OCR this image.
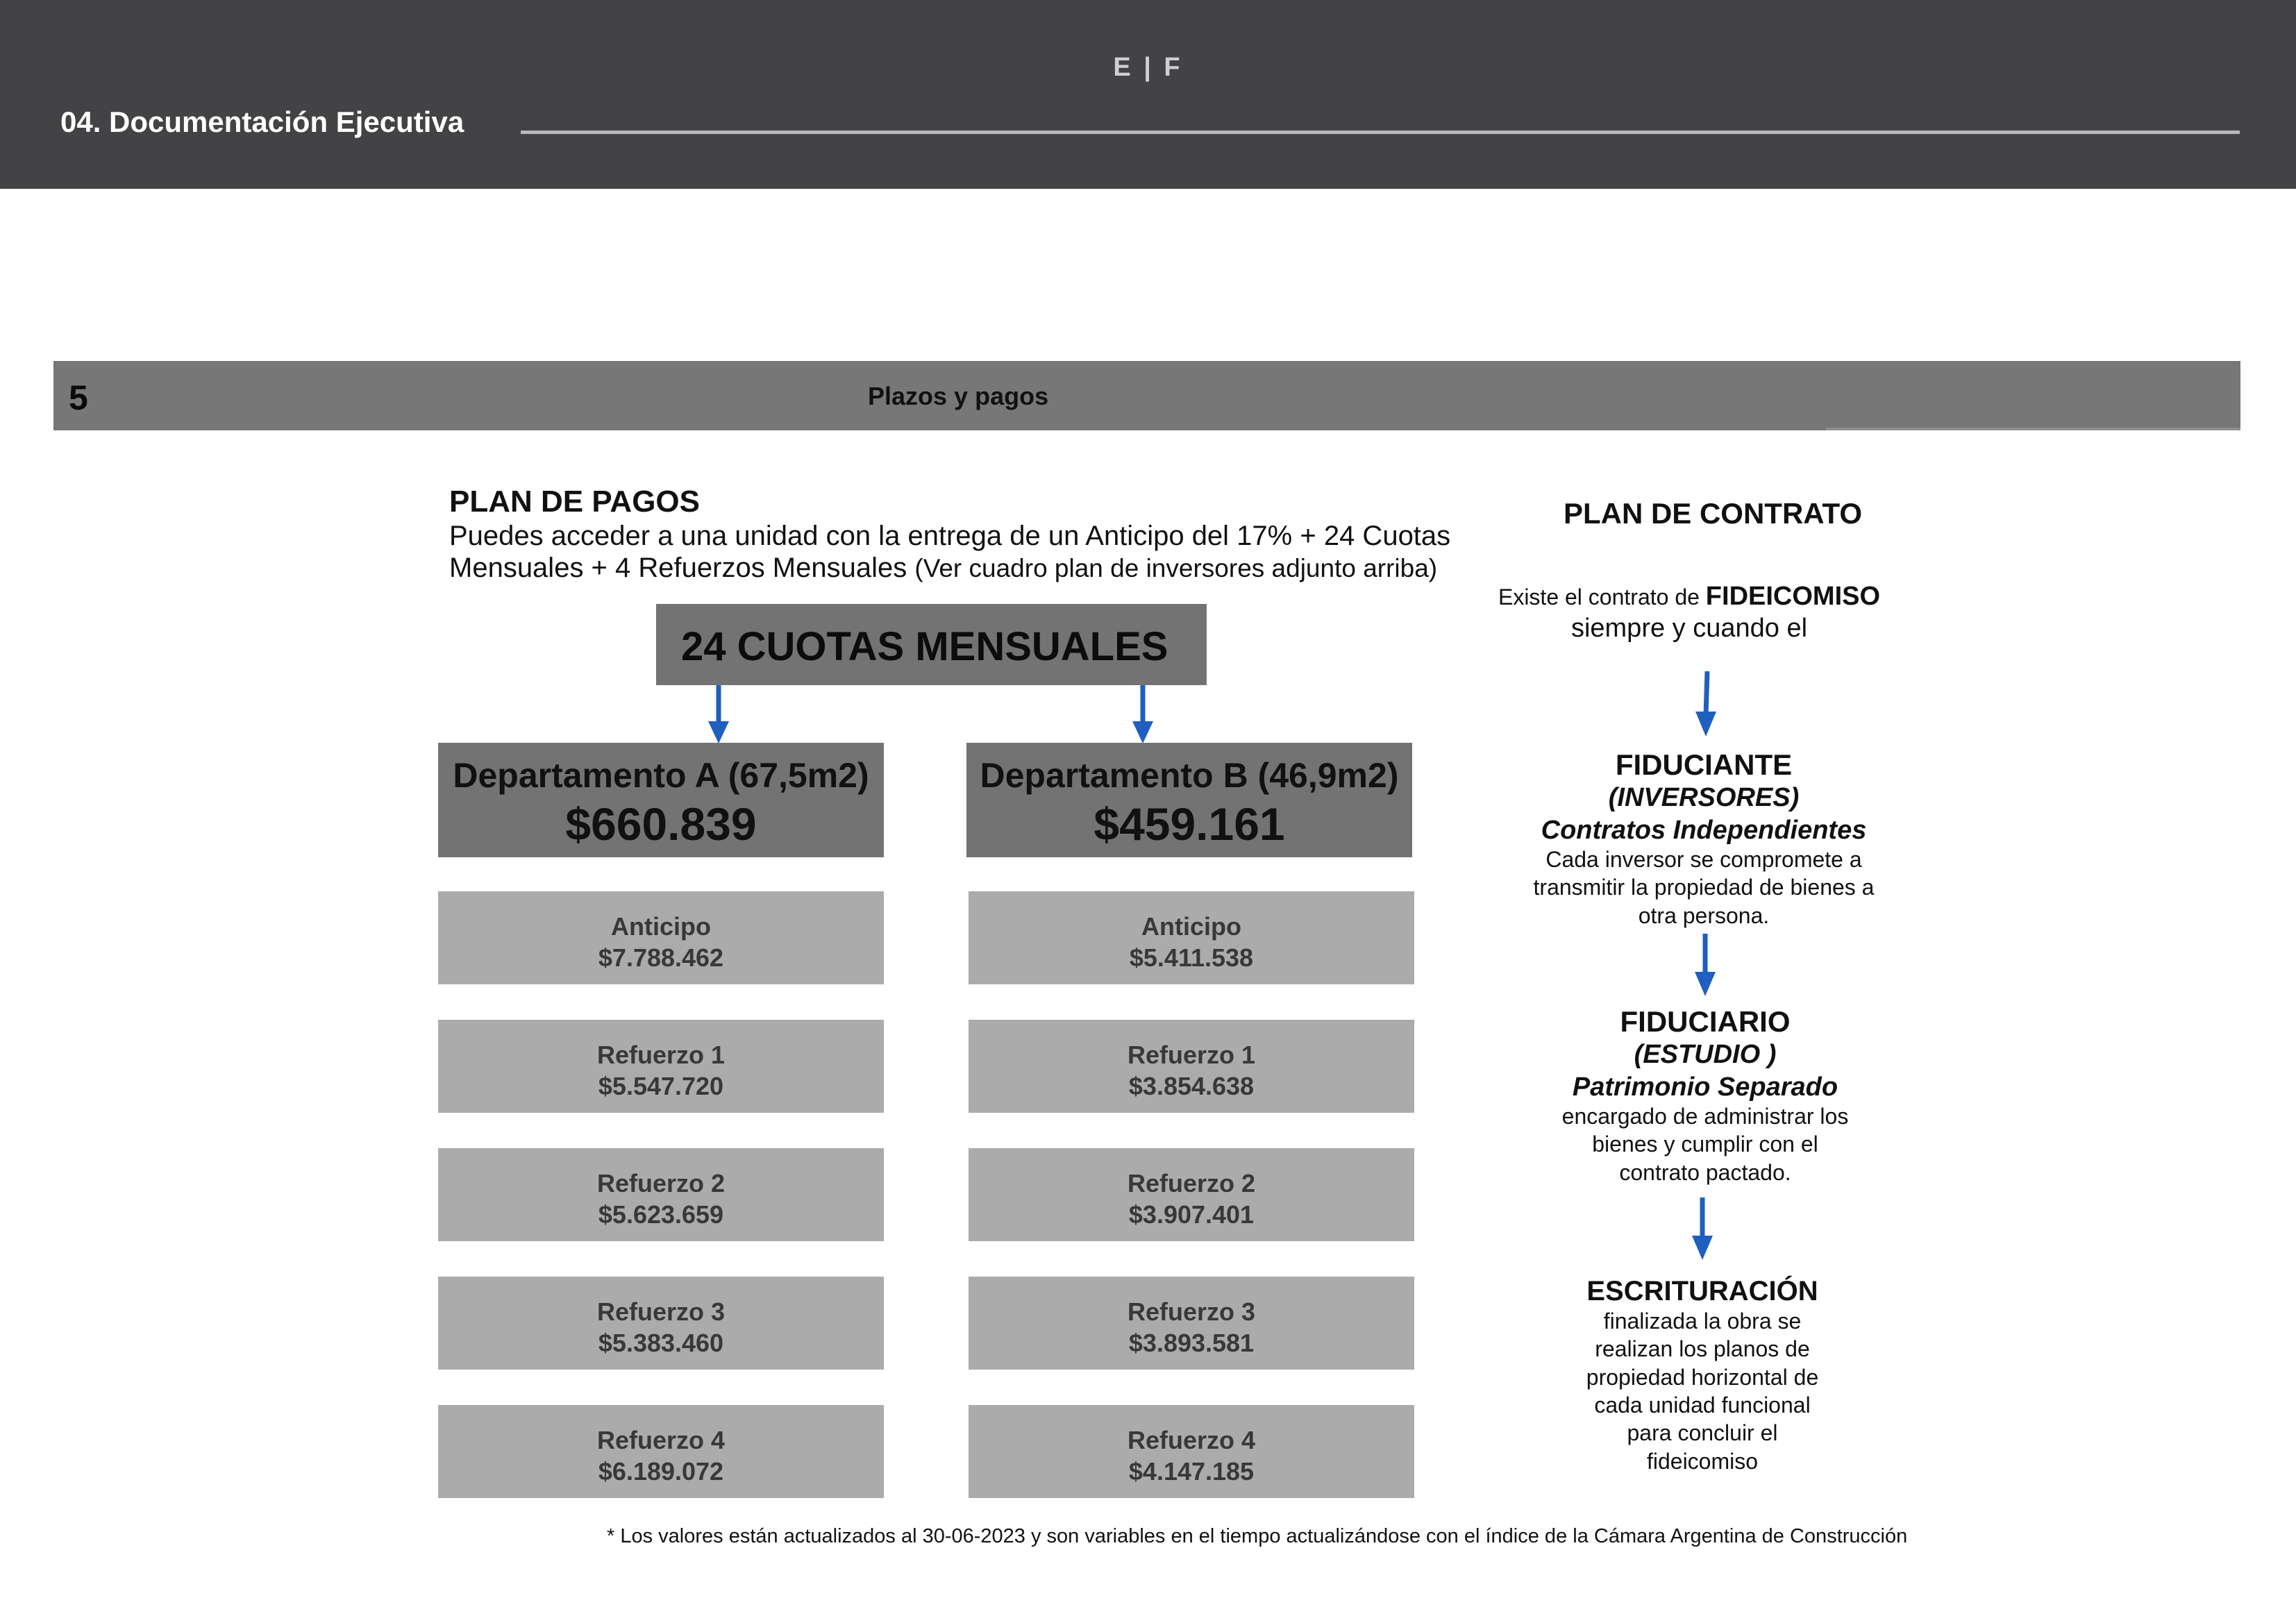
E | F
04. Documentación Ejecutiva
5	Plazos y pagos
PLAN DE PAGOS
Puedes acceder a una unidad con la entrega de un Anticipo del 17% + 24 Cuotas
Mensuales + 4 Refuerzos Mensuales (Ver cuadro plan de inversores adjunto arriba)
24 CUOTAS MENSUALES
Departamento A (67,5m2)
$660.839
Anticipo
$7.788.462
Refuerzo 1
$5.547.720
Refuerzo 2
$5.623.659
Refuerzo 3
$5.383.460
Refuerzo 4
$6.189.072
Departamento B (46,9m2)
$459.161
Anticipo
$5.411.538
Refuerzo 1
$3.854.638
Refuerzo 2
$3.907.401
Refuerzo 3
$3.893.581
Refuerzo 4
$4.147.185
PLAN DE CONTRATO
Existe el contrato de FIDEICOMISO
siempre y cuando el
FIDUCIANTE
(INVERSORES)
Contratos Independientes
Cada inversor se compromete a
transmitir la propiedad de bienes a
otra persona.
FIDUCIARIO
(ESTUDIO )
Patrimonio Separado
encargado de administrar los
bienes y cumplir con el
contrato pactado.
ESCRITURACIÓN
finalizada la obra se
realizan los planos de
propiedad horizontal de
cada unidad funcional
para concluir el
fideicomiso
* Los valores están actualizados al 30-06-2023 y son variables en el tiempo actualizándose con el índice de la Cámara Argentina de Construcción
